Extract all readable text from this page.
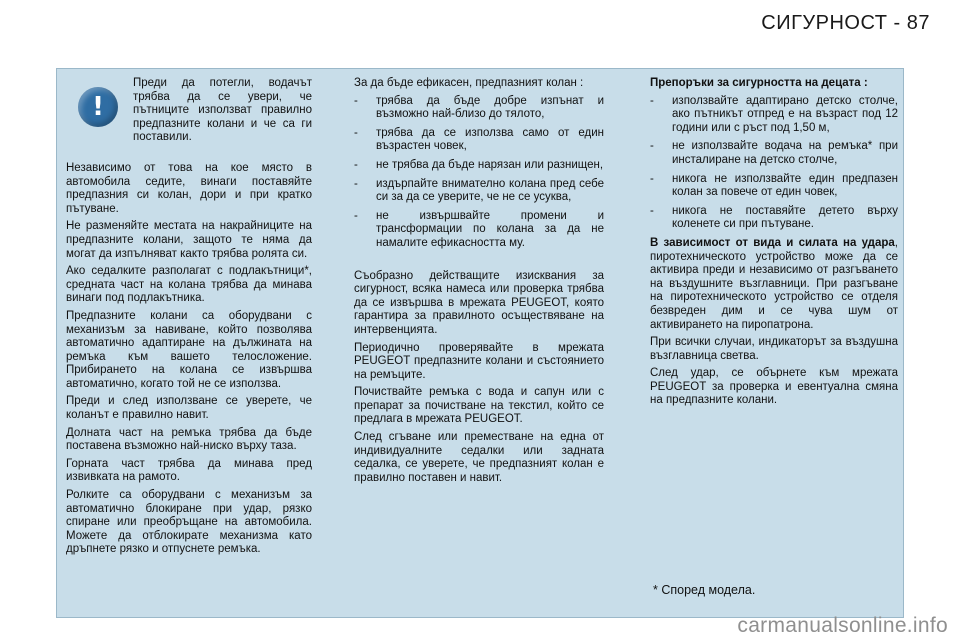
СИГУРНОСТ - 87
!

Преди да потегли, водачът трябва да се увери, че пътниците използват правилно предпазните колани и че са ги поставили.

Независимо от това на кое място в автомобила седите, винаги поставяйте предпазния си колан, дори и при кратко пътуване.

Не разменяйте местата на накрайниците на предпазните колани, защото те няма да могат да изпълняват както трябва ролята си.

Ако седалките разполагат с подлакътници*, средната част на колана трябва да минава винаги под подлакътника.

Предпазните колани са оборудвани с механизъм за навиване, който позволява автоматично адаптиране на дължината на ремъка към вашето телосложение. Прибирането на колана се извършва автоматично, когато той не се използва.

Преди и след използване се уверете, че коланът е правилно навит.

Долната част на ремъка трябва да бъде поставена възможно най-ниско върху таза.

Горната част трябва да минава пред извивката на рамото.

Ролките са оборудвани с механизъм за автоматично блокиране при удар, рязко спиране или преобръщане на автомобила. Можете да отблокирате механизма като дръпнете рязко и отпуснете ремъка.

За да бъде ефикасен, предпазният колан :

- трябва да бъде добре изпънат и възможно най-близо до тялото,
- трябва да се използва само от един възрастен човек,
- не трябва да бъде нарязан или разнищен,
- издърпайте внимателно колана пред себе си за да се уверите, че не се усуква,
- не извършвайте промени и трансформации по колана за да не намалите ефикасността му.

Съобразно действащите изисквания за сигурност, всяка намеса или проверка трябва да се извършва в мрежата PEUGEOT, която гарантира за правилното осъществяване на интервенцията.

Периодично проверявайте в мрежата PEUGEOT предпазните колани и състоянието на ремъците.

Почиствайте ремъка с вода и сапун или с препарат за почистване на текстил, който се предлага в мрежата PEUGEOT.

След сгъване или преместване на една от индивидуалните седалки или задната седалка, се уверете, че предпазният колан е правилно поставен и навит.

Препоръки за сигурността на децата :

- използвайте адаптирано детско столче, ако пътникът отпред е на възраст под 12 години или с ръст под 1,50 м,
- не използвайте водача на ремъка* при инсталиране на детско столче,
- никога не използвайте един предпазен колан за повече от един човек,
- никога не поставяйте детето върху коленете си при пътуване.

В зависимост от вида и силата на удара, пиротехническото устройство може да се активира преди и независимо от разгъването на въздушните възглавници. При разгъване на пиротехническото устройство се отделя безвреден дим и се чува шум от активирането на пиропатрона.

При всички случаи, индикаторът за въздушна възглавница светва.

След удар, се обърнете към мрежата PEUGEOT за проверка и евентуална смяна на предпазните колани.

* Според модела.
carmanualsonline.info
